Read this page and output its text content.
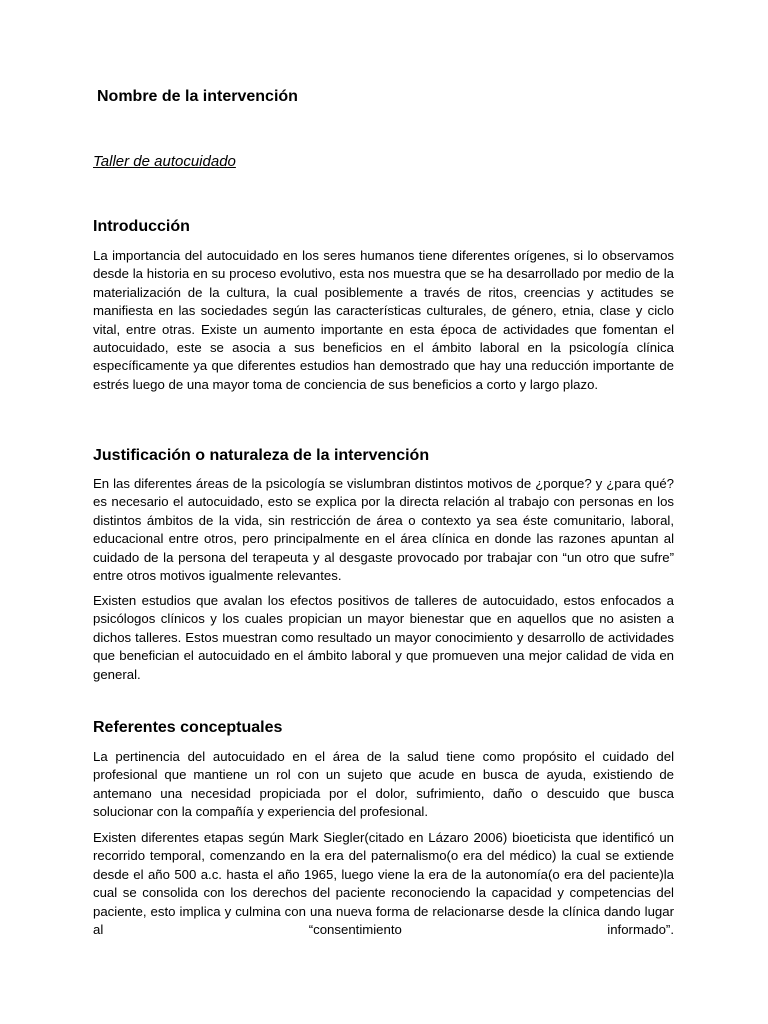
Nombre de la intervención

Taller de autocuidado

Introducción

La importancia del autocuidado en los seres humanos tiene diferentes orígenes, si lo observamos desde la historia en su proceso evolutivo, esta nos muestra que se ha desarrollado por medio de la materialización de la cultura, la cual posiblemente a través de ritos, creencias y actitudes se manifiesta en las sociedades según las características culturales, de género, etnia, clase y ciclo vital, entre otras. Existe un aumento importante en esta época de actividades que fomentan el autocuidado, este se asocia a sus beneficios en el ámbito laboral en la psicología clínica específicamente ya que diferentes estudios han demostrado que hay una reducción importante de estrés luego de una mayor toma de conciencia de sus beneficios a corto y largo plazo.

Justificación o naturaleza de la intervención

En las diferentes áreas de la psicología se vislumbran distintos motivos de ¿porque? y ¿para qué? es necesario el autocuidado, esto se explica por la directa relación al trabajo con personas en los distintos ámbitos de la vida, sin restricción de área o contexto ya sea éste comunitario, laboral, educacional entre otros, pero principalmente en el área clínica en donde las razones apuntan al cuidado de la persona del terapeuta y al desgaste provocado por trabajar con “un otro que sufre” entre otros motivos igualmente relevantes.

Existen estudios que avalan los efectos positivos de talleres de autocuidado, estos enfocados a psicólogos clínicos y los cuales propician un mayor bienestar que en aquellos que no asisten a dichos talleres. Estos muestran como resultado un mayor conocimiento y desarrollo de actividades que benefician el autocuidado en el ámbito laboral y que promueven una mejor calidad de vida en general.

Referentes conceptuales

La pertinencia del autocuidado en el área de la salud tiene como propósito el cuidado del profesional que mantiene un rol con un sujeto que acude en busca de ayuda, existiendo de antemano una necesidad propiciada por el dolor, sufrimiento, daño o descuido que busca solucionar con la compañía y experiencia del profesional.

Existen diferentes etapas según Mark Siegler(citado en Lázaro 2006) bioeticista que identificó un recorrido temporal, comenzando en la era del paternalismo(o era del médico) la cual se extiende desde el año 500 a.c. hasta el año 1965, luego viene la era de la autonomía(o era del paciente)la cual se consolida con los derechos del paciente reconociendo la capacidad y competencias del paciente, esto implica y culmina con una nueva forma de relacionarse desde la clínica dando lugar al “consentimiento informado”.
